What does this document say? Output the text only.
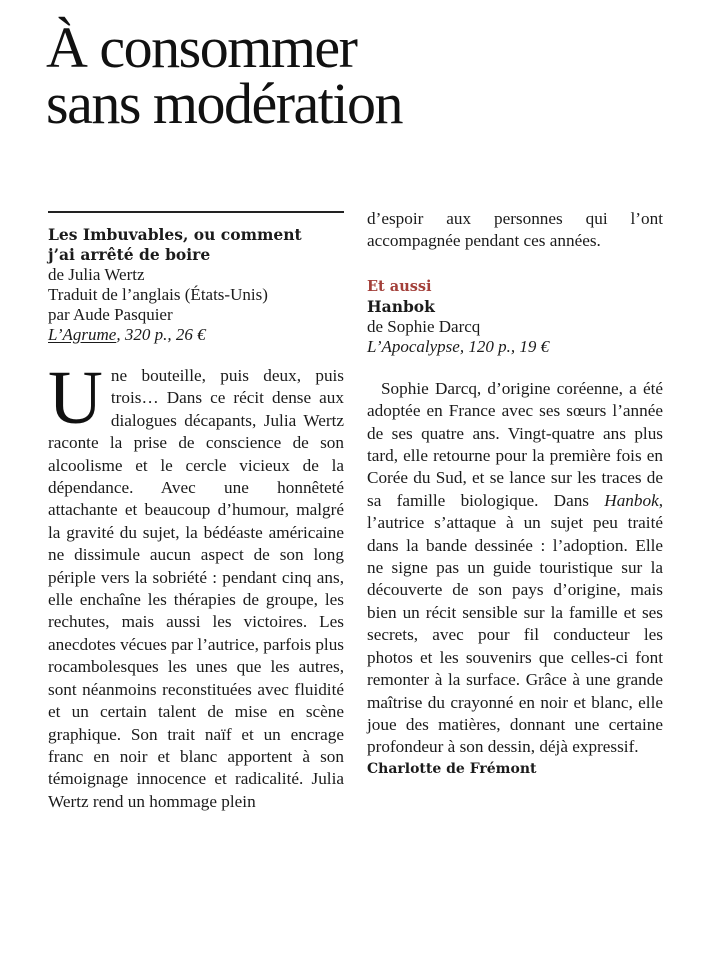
À consommer
sans modération
Les Imbuvables, ou comment
j’ai arrêté de boire
de Julia Wertz
Traduit de l’anglais (États-Unis)
par Aude Pasquier
L’Agrume, 320 p., 26 €
Une bouteille, puis deux, puis trois… Dans ce récit dense aux dialogues décapants, Julia Wertz raconte la prise de conscience de son alcoolisme et le cercle vicieux de la dépendance. Avec une honnêteté attachante et beaucoup d’humour, malgré la gravité du sujet, la bédéaste américaine ne dissimule aucun aspect de son long périple vers la sobriété : pendant cinq ans, elle enchaîne les thérapies de groupe, les rechutes, mais aussi les victoires. Les anecdotes vécues par l’autrice, parfois plus rocambolesques les unes que les autres, sont néanmoins reconstituées avec fluidité et un certain talent de mise en scène graphique. Son trait naïf et un encrage franc en noir et blanc apportent à son témoignage innocence et radicalité. Julia Wertz rend un hommage plein
d’espoir aux personnes qui l’ont accompagnée pendant ces années.
Et aussi
Hanbok
de Sophie Darcq
L’Apocalypse, 120 p., 19 €
Sophie Darcq, d’origine coréenne, a été adoptée en France avec ses sœurs l’année de ses quatre ans. Vingt-quatre ans plus tard, elle retourne pour la première fois en Corée du Sud, et se lance sur les traces de sa famille biologique. Dans Hanbok, l’autrice s’attaque à un sujet peu traité dans la bande dessinée : l’adoption. Elle ne signe pas un guide touristique sur la découverte de son pays d’origine, mais bien un récit sensible sur la famille et ses secrets, avec pour fil conducteur les photos et les souvenirs que celles-ci font remonter à la surface. Grâce à une grande maîtrise du crayonné en noir et blanc, elle joue des matières, donnant une certaine profondeur à son dessin, déjà expressif.
Charlotte de Frémont
